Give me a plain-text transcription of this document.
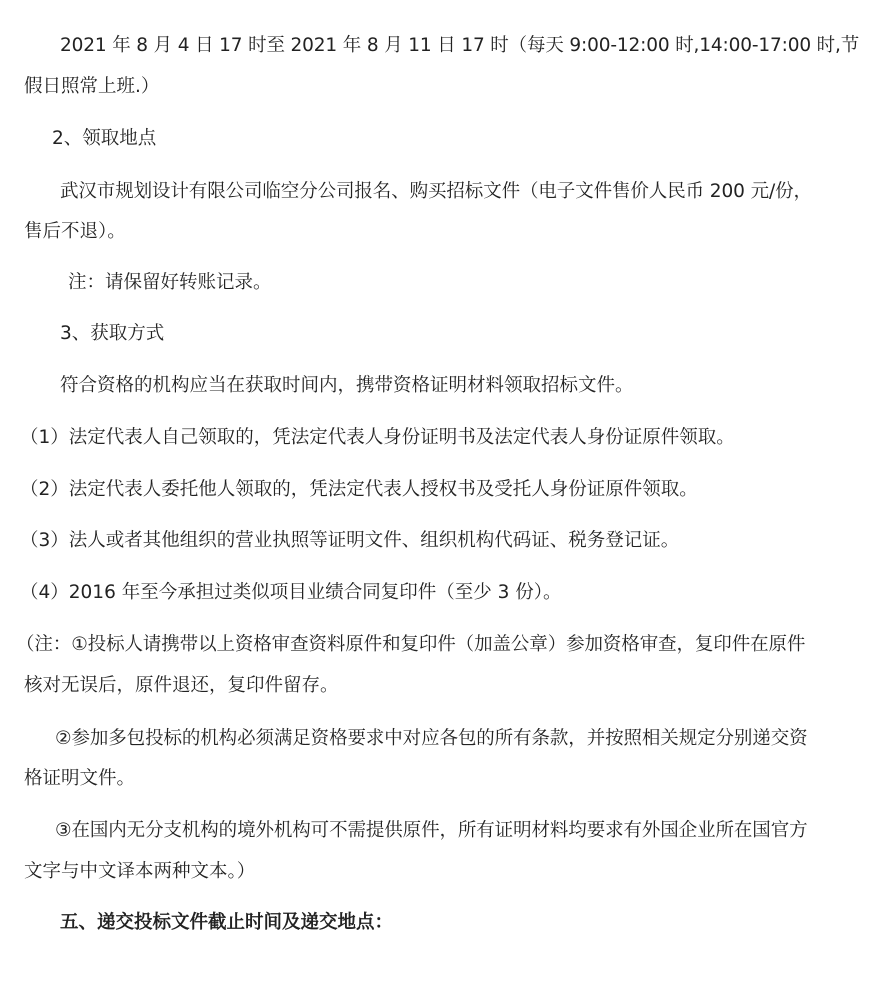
2021 年 8 月 4 日 17 时至 2021 年 8 月 11 日 17 时（每天 9:00-12:00 时,14:00-17:00 时,节
假日照常上班.）
2、领取地点
武汉市规划设计有限公司临空分公司报名、购买招标文件（电子文件售价人民币 200 元/份，
售后不退）。
注：请保留好转账记录。
3、获取方式
符合资格的机构应当在获取时间内，携带资格证明材料领取招标文件。
（1）法定代表人自己领取的，凭法定代表人身份证明书及法定代表人身份证原件领取。
（2）法定代表人委托他人领取的，凭法定代表人授权书及受托人身份证原件领取。
（3）法人或者其他组织的营业执照等证明文件、组织机构代码证、税务登记证。
（4）2016 年至今承担过类似项目业绩合同复印件（至少 3 份）。
（注：①投标人请携带以上资格审查资料原件和复印件（加盖公章）参加资格审查，复印件在原件
核对无误后，原件退还，复印件留存。
②参加多包投标的机构必须满足资格要求中对应各包的所有条款，并按照相关规定分别递交资
格证明文件。
③在国内无分支机构的境外机构可不需提供原件，所有证明材料均要求有外国企业所在国官方
文字与中文译本两种文本。）
五、递交投标文件截止时间及递交地点：
